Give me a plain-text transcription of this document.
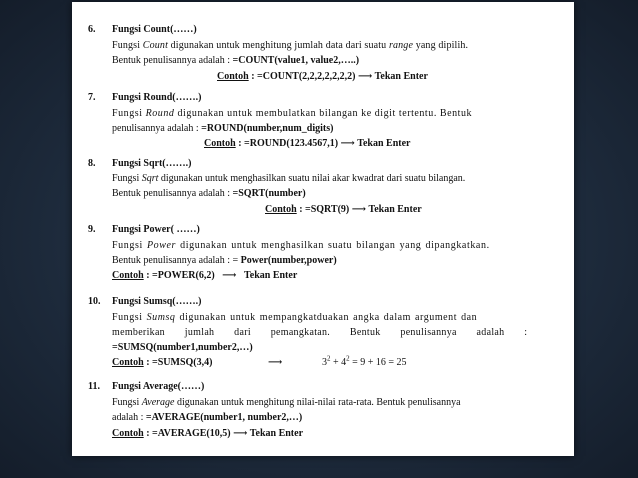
6. Fungsi Count(……)
Fungsi Count digunakan untuk menghitung jumlah data dari suatu range yang dipilih.
Bentuk penulisannya adalah : =COUNT(value1, value2,…..)
Contoh : =COUNT(2,2,2,2,2,2,2) ⟶ Tekan Enter
7. Fungsi Round(…….)
Fungsi Round digunakan untuk membulatkan bilangan ke digit tertentu. Bentuk
penulisannya adalah : =ROUND(number,num_digits)
Contoh : =ROUND(123.4567,1) ⟶ Tekan Enter
8. Fungsi Sqrt(…….)
Fungsi Sqrt digunakan untuk menghasilkan suatu nilai akar kwadrat dari suatu bilangan.
Bentuk penulisannya adalah : =SQRT(number)
Contoh : =SQRT(9) ⟶ Tekan Enter
9. Fungsi Power( ……)
Fungsi Power digunakan untuk menghasilkan suatu bilangan yang dipangkatkan.
Bentuk penulisannya adalah : = Power(number,power)
Contoh : =POWER(6,2) ⟶ Tekan Enter
10. Fungsi Sumsq(…….)
Fungsi Sumsq digunakan untuk mempangkatduakan angka dalam argument dan
memberikan jumlah dari pemangkatan. Bentuk penulisannya adalah :
=SUMSQ(number1,number2,…)
Contoh : =SUMSQ(3,4)	⟶	$3^2 + 4^2 = 9 + 16 = 25$
11. Fungsi Average(……)
Fungsi Average digunakan untuk menghitung nilai-nilai rata-rata. Bentuk penulisannya
adalah : =AVERAGE(number1, number2,…)
Contoh : =AVERAGE(10,5) ⟶ Tekan Enter
